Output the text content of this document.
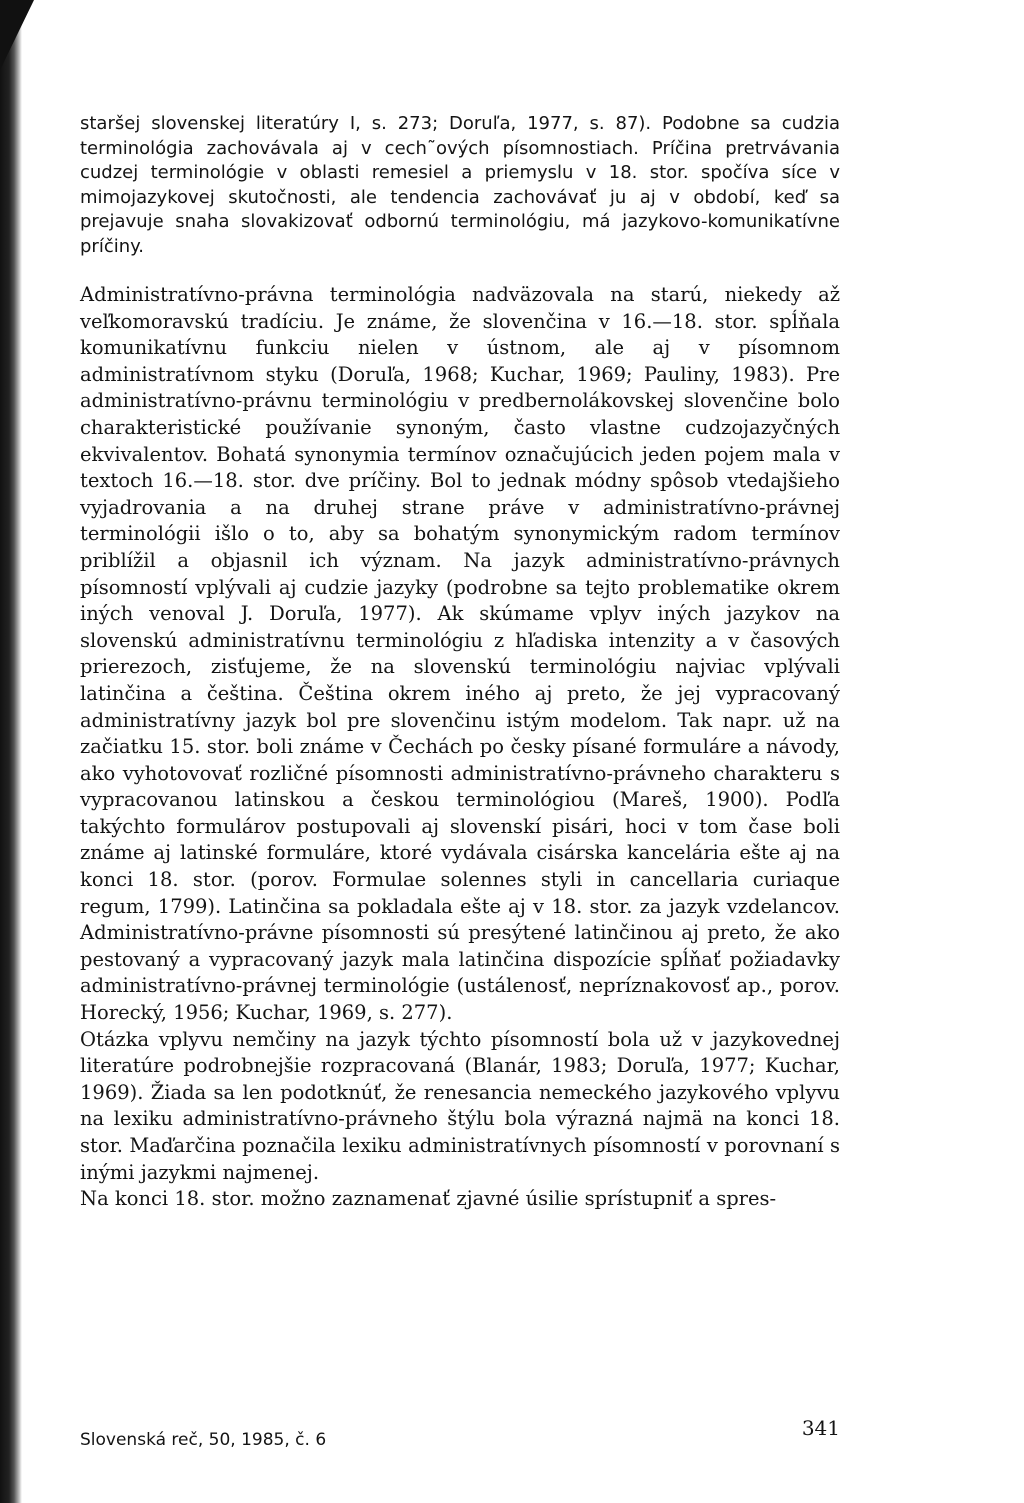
staršej slovenskej literatúry I, s. 273; Doruľa, 1977, s. 87). Podobne sa cudzia terminológia zachovávala aj v cech˜ových písomnostiach. Príčina pretrvávania cudzej terminológie v oblasti remesiel a priemyslu v 18. stor. spočíva síce v mimojazykovej skutočnosti, ale tendencia zachovávať ju aj v období, keď sa prejavuje snaha slovakizovať odbornú terminológiu, má jazykovo-komunikatívne príčiny.

Administratívno-právna terminológia nadväzovala na starú, niekedy až veľkomoravskú tradíciu. Je známe, že slovenčina v 16.—18. stor. spĺňala komunikatívnu funkciu nielen v ústnom, ale aj v písomnom administratívnom styku (Doruľa, 1968; Kuchar, 1969; Pauliny, 1983). Pre administratívno-právnu terminológiu v predbernolákovskej slovenčine bolo charakteristické používanie synoným, často vlastne cudzojazyčných ekvivalentov. Bohatá synonymia termínov označujúcich jeden pojem mala v textoch 16.—18. stor. dve príčiny. Bol to jednak módny spôsob vtedajšieho vyjadrovania a na druhej strane práve v administratívno-právnej terminológii išlo o to, aby sa bohatým synonymickým radom termínov priblížil a objasnil ich význam. Na jazyk administratívno-právnych písomností vplývali aj cudzie jazyky (podrobne sa tejto problematike okrem iných venoval J. Doruľa, 1977). Ak skúmame vplyv iných jazykov na slovenskú administratívnu terminológiu z hľadiska intenzity a v časových prierezoch, zisťujeme, že na slovenskú terminológiu najviac vplývali latinčina a čeština. Čeština okrem iného aj preto, že jej vypracovaný administratívny jazyk bol pre slovenčinu istým modelom. Tak napr. už na začiatku 15. stor. boli známe v Čechách po česky písané formuláre a návody, ako vyhotovovať rozličné písomnosti administratívno-právneho charakteru s vypracovanou latinskou a českou terminológiou (Mareš, 1900). Podľa takýchto formulárov postupovali aj slovenskí pisári, hoci v tom čase boli známe aj latinské formuláre, ktoré vydávala cisárska kancelária ešte aj na konci 18. stor. (porov. Formulae solennes styli in cancellaria curiaque regum, 1799). Latinčina sa pokladala ešte aj v 18. stor. za jazyk vzdelancov. Administratívno-právne písomnosti sú presýtené latinčinou aj preto, že ako pestovaný a vypracovaný jazyk mala latinčina dispozície spĺňať požiadavky administratívno-právnej terminológie (ustálenosť, nepríznakovosť ap., porov. Horecký, 1956; Kuchar, 1969, s. 277).

Otázka vplyvu nemčiny na jazyk týchto písomností bola už v jazykovednej literatúre podrobnejšie rozpracovaná (Blanár, 1983; Doruľa, 1977; Kuchar, 1969). Žiada sa len podotknúť, že renesancia nemeckého jazykového vplyvu na lexiku administratívno-právneho štýlu bola výrazná najmä na konci 18. stor. Maďarčina poznačila lexiku administratívnych písomností v porovnaní s inými jazykmi najmenej.

Na konci 18. stor. možno zaznamenať zjavné úsilie sprístupniť a spres-

Slovenská reč, 50, 1985, č. 6	341
